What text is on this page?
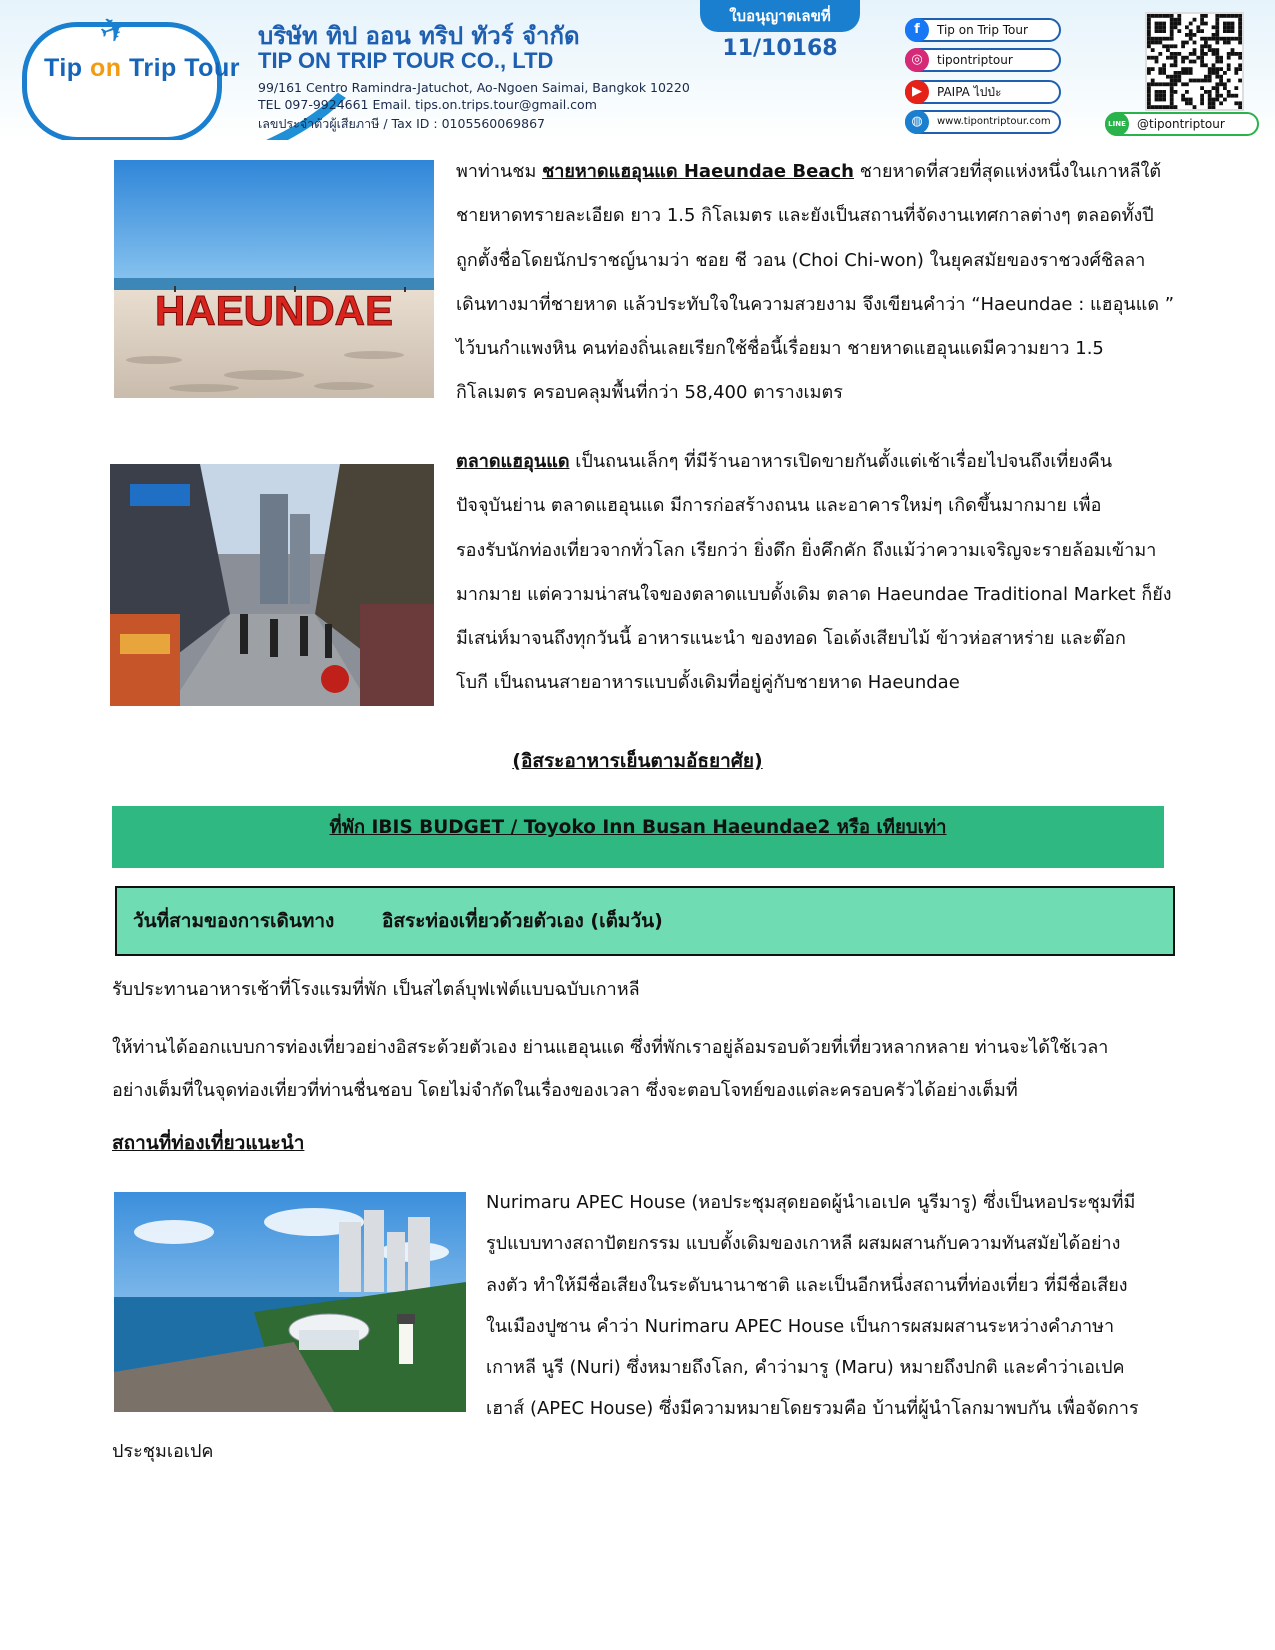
✈
Tip on Trip Tour
บริษัท ทิป ออน ทริป ทัวร์ จำกัด
TIP ON TRIP TOUR CO., LTD
99/161 Centro Ramindra-Jatuchot, Ao-Ngoen Saimai, Bangkok 10220
TEL 097-9924661 Email. tips.on.trips.tour@gmail.com
เลขประจำตัวผู้เสียภาษี / Tax ID : 0105560069867
ใบอนุญาตเลขที่
11/10168
f	Tip on Trip Tour
◎	tipontriptour
▶	PAIPA ไปป่ะ
◍	www.tipontriptour.com	LINE @tipontriptour
HAEUNDAE
พาท่านชม ชายหาดแฮอุนแด Haeundae Beach ชายหาดที่สวยที่สุดแห่งหนึ่งในเกาหลีใต้
ชายหาดทรายละเอียด ยาว 1.5 กิโลเมตร และยังเป็นสถานที่จัดงานเทศกาลต่างๆ ตลอดทั้งปี
ถูกตั้งชื่อโดยนักปราชญ์นามว่า ชอย ชี วอน (Choi Chi-won) ในยุคสมัยของราชวงศ์ชิลลา
เดินทางมาที่ชายหาด แล้วประทับใจในความสวยงาม จึงเขียนคำว่า “Haeundae : แฮอุนแด ”
ไว้บนกำแพงหิน คนท่องถิ่นเลยเรียกใช้ชื่อนี้เรื่อยมา ชายหาดแฮอุนแดมีความยาว 1.5
กิโลเมตร ครอบคลุมพื้นที่กว่า 58,400 ตารางเมตร
ตลาดแฮอุนแด เป็นถนนเล็กๆ ที่มีร้านอาหารเปิดขายกันตั้งแต่เช้าเรื่อยไปจนถึงเที่ยงคืน
ปัจจุบันย่าน ตลาดแฮอุนแด มีการก่อสร้างถนน และอาคารใหม่ๆ เกิดขึ้นมากมาย เพื่อ
รองรับนักท่องเที่ยวจากทั่วโลก เรียกว่า ยิ่งดึก ยิ่งคึกคัก ถึงแม้ว่าความเจริญจะรายล้อมเข้ามา
มากมาย แต่ความน่าสนใจของตลาดแบบดั้งเดิม ตลาด Haeundae Traditional Market ก็ยัง
มีเสน่ห์มาจนถึงทุกวันนี้ อาหารแนะนำ ของทอด โอเด้งเสียบไม้ ข้าวห่อสาหร่าย และต๊อก
โบกี เป็นถนนสายอาหารแบบดั้งเดิมที่อยู่คู่กับชายหาด Haeundae
(อิสระอาหารเย็นตามอัธยาศัย)
ที่พัก IBIS BUDGET / Toyoko Inn Busan Haeundae2 หรือ เทียบเท่า
วันที่สามของการเดินทาง	อิสระท่องเที่ยวด้วยตัวเอง (เต็มวัน)
รับประทานอาหารเช้าที่โรงแรมที่พัก เป็นสไตล์บุฟเฟ่ต์แบบฉบับเกาหลี
ให้ท่านได้ออกแบบการท่องเที่ยวอย่างอิสระด้วยตัวเอง ย่านแฮอุนแด ซึ่งที่พักเราอยู่ล้อมรอบด้วยที่เที่ยวหลากหลาย ท่านจะได้ใช้เวลา
อย่างเต็มที่ในจุดท่องเที่ยวที่ท่านชื่นชอบ โดยไม่จำกัดในเรื่องของเวลา ซึ่งจะตอบโจทย์ของแต่ละครอบครัวได้อย่างเต็มที่
สถานที่ท่องเที่ยวแนะนำ
Nurimaru APEC House (หอประชุมสุดยอดผู้นำเอเปค นูรีมารู) ซึ่งเป็นหอประชุมที่มี
รูปแบบทางสถาปัตยกรรม แบบดั้งเดิมของเกาหลี ผสมผสานกับความทันสมัยได้อย่าง
ลงตัว ทำให้มีชื่อเสียงในระดับนานาชาติ และเป็นอีกหนึ่งสถานที่ท่องเที่ยว ที่มีชื่อเสียง
ในเมืองปูซาน คำว่า Nurimaru APEC House เป็นการผสมผสานระหว่างคำภาษา
เกาหลี นูรี (Nuri) ซึ่งหมายถึงโลก, คำว่ามารู (Maru) หมายถึงปกติ และคำว่าเอเปค
เฮาส์ (APEC House) ซึ่งมีความหมายโดยรวมคือ บ้านที่ผู้นำโลกมาพบกัน เพื่อจัดการ
ประชุมเอเปค
